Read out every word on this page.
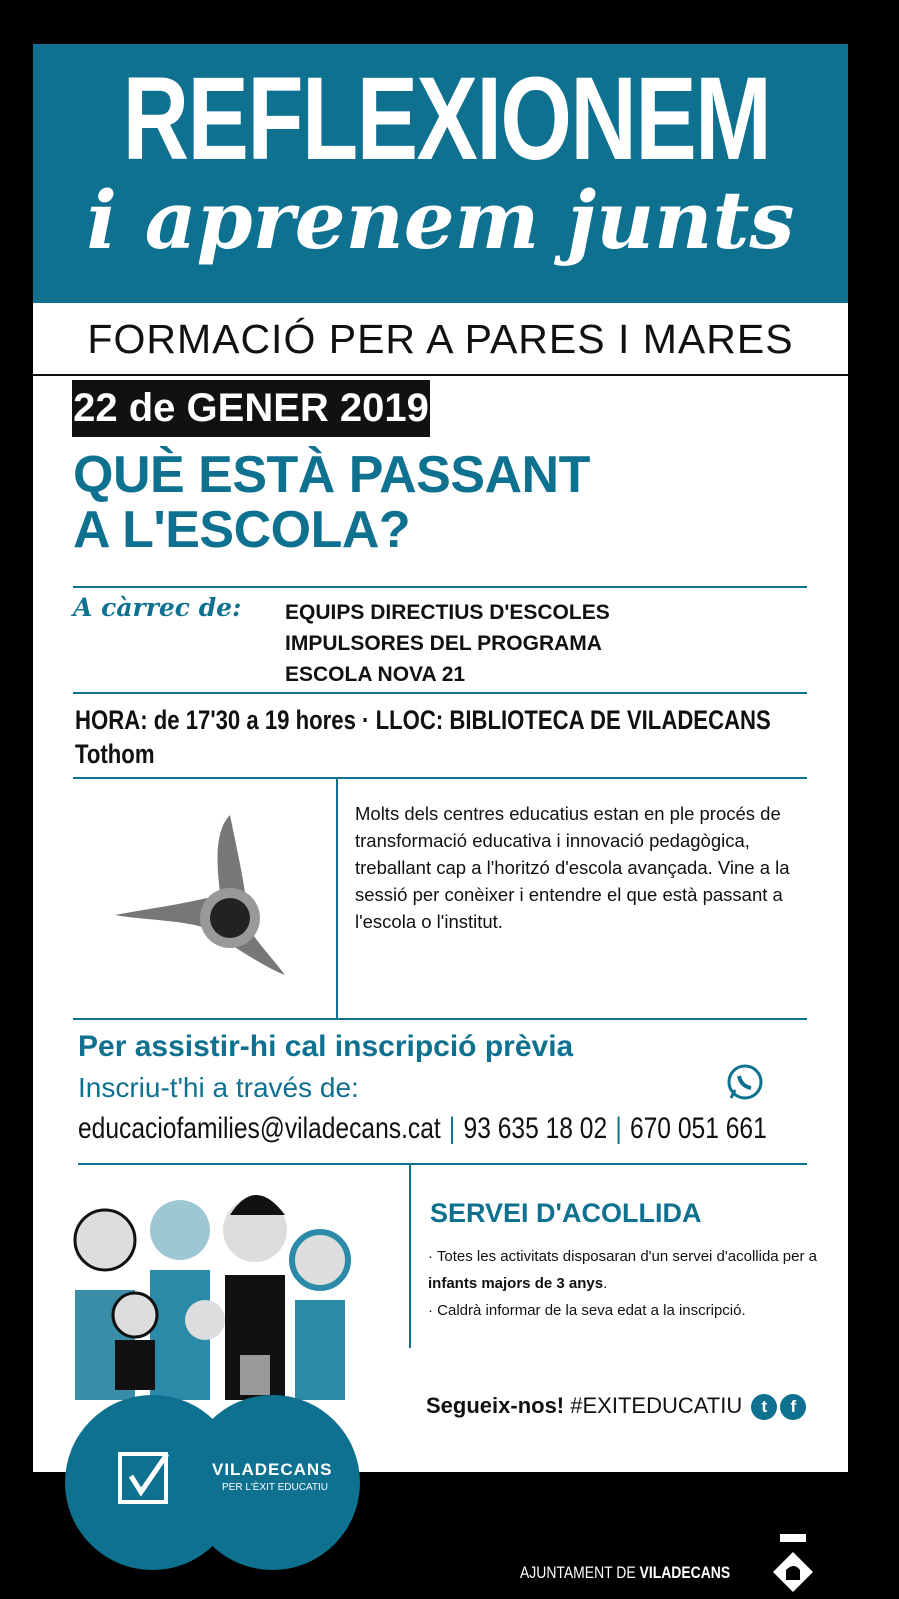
REFLEXIONEM
i aprenem junts
FORMACIÓ PER A PARES I MARES
22 de GENER 2019
QUÈ ESTÀ PASSANT
A L'ESCOLA?
A càrrec de: EQUIPS DIRECTIUS D'ESCOLES
IMPULSORES DEL PROGRAMA
ESCOLA NOVA 21
HORA: de 17'30 a 19 hores · LLOC: BIBLIOTECA DE VILADECANS
Tothom
Molts dels centres educatius estan en ple procés de transformació educativa i innovació pedagògica, treballant cap a l'horitzó d'escola avançada. Vine a la sessió per conèixer i entendre el que està passant a l'escola o l'institut.
Per assistir-hi cal inscripció prèvia
Inscriu-t'hi a través de:
educaciofamilies@viladecans.cat | 93 635 18 02 | 670 051 661
SERVEI D'ACOLLIDA
· Totes les activitats disposaran d'un servei d'acollida per a infants majors de 3 anys.
· Caldrà informar de la seva edat a la inscripció.
Segueix-nos! #EXITEDUCATIU t f
VILADECANS
PER L'ÈXIT EDUCATIU
AJUNTAMENT DE VILADECANS
